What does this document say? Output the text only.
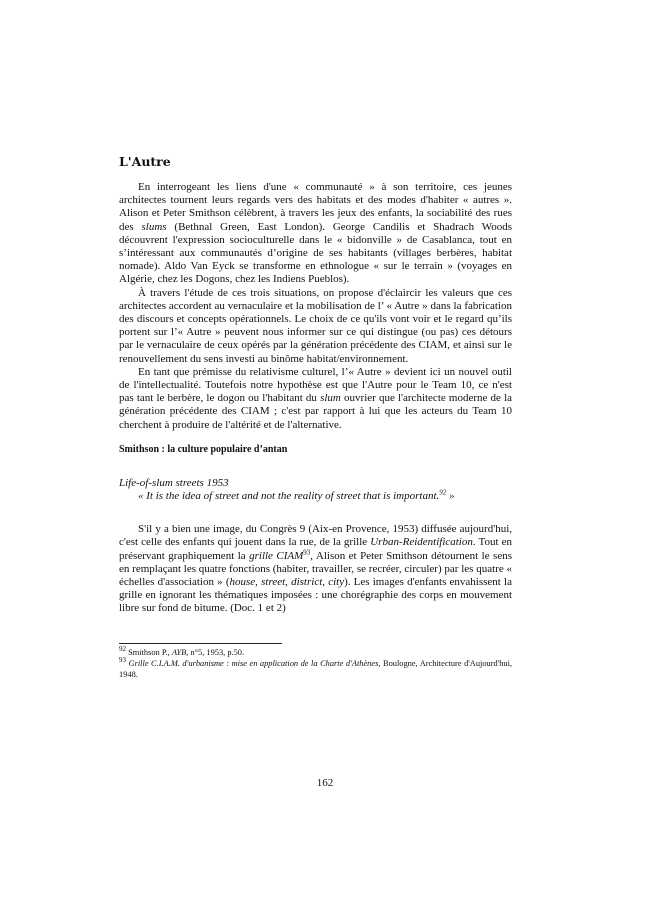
L'Autre

En interrogeant les liens d'une « communauté » à son territoire, ces jeunes architectes tournent leurs regards vers des habitats et des modes d'habiter « autres ». Alison et Peter Smithson célèbrent, à travers les jeux des enfants, la sociabilité des rues des slums (Bethnal Green, East London). George Candilis et Shadrach Woods découvrent l'expression socioculturelle dans le « bidonville » de Casablanca, tout en s’intéressant aux communautés d’origine de ses habitants (villages berbères, habitat nomade). Aldo Van Eyck se transforme en ethnologue « sur le terrain » (voyages en Algérie, chez les Dogons, chez les Indiens Pueblos).

À travers l'étude de ces trois situations, on propose d'éclaircir les valeurs que ces architectes accordent au vernaculaire et la mobilisation de l’ « Autre » dans la fabrication des discours et concepts opérationnels. Le choix de ce qu'ils vont voir et le regard qu’ils portent sur l’« Autre » peuvent nous informer sur ce qui distingue (ou pas) ces détours par le vernaculaire de ceux opérés par la génération précédente des CIAM, et ainsi sur le renouvellement du sens investi au binôme habitat/environnement.

En tant que prémisse du relativisme culturel, l’« Autre » devient ici un nouvel outil de l'intellectualité. Toutefois notre hypothèse est que l'Autre pour le Team 10, ce n'est pas tant le berbère, le dogon ou l'habitant du slum ouvrier que l'architecte moderne de la génération précédente des CIAM ; c'est par rapport à lui que les acteurs du Team 10 cherchent à produire de l'altérité et de l'alternative.

Smithson : la culture populaire d’antan

Life-of-slum streets 1953

« It is the idea of street and not the reality of street that is important.$^{92}$ »

S'il y a bien une image, du Congrès 9 (Aix-en Provence, 1953) diffusée aujourd'hui, c'est celle des enfants qui jouent dans la rue, de la grille Urban-Reidentification. Tout en préservant graphiquement la grille CIAM$^{93}$, Alison et Peter Smithson détournent le sens en remplaçant les quatre fonctions (habiter, travailler, se recréer, circuler) par les quatre « échelles d'association » (house, street, district, city). Les images d'enfants envahissent la grille en ignorant les thématiques imposées : une chorégraphie des corps en mouvement libre sur fond de bitume. (Doc. 1 et 2)

$^{92}$ Smithson P., AYB, n°5, 1953, p.50.

$^{93}$ Grille C.I.A.M. d'urbanisme : mise en application de la Charte d'Athènes, Boulogne, Architecture d'Aujourd'hui, 1948.

162
